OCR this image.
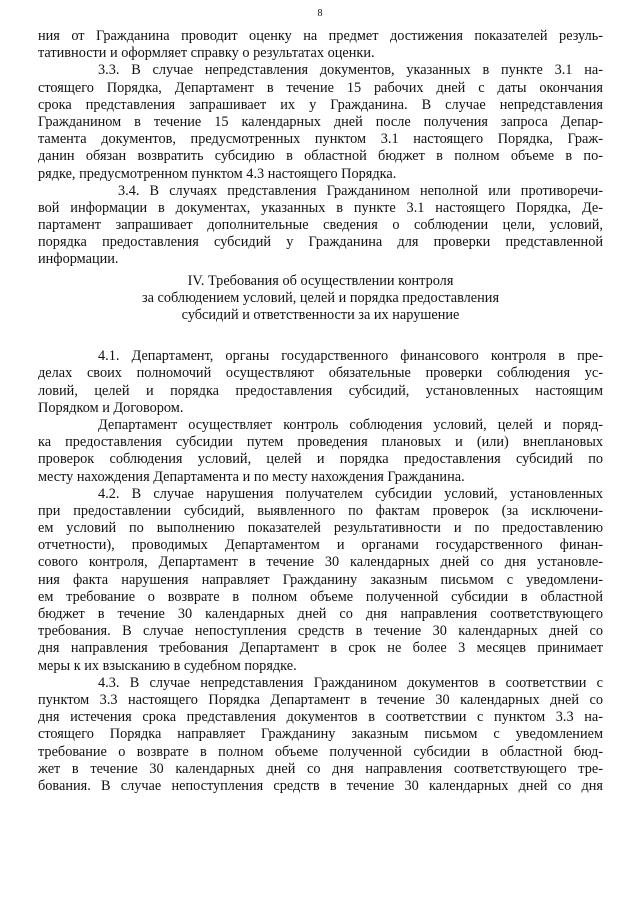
8
ния от Гражданина проводит оценку на предмет достижения показателей резуль-
тативности и оформляет справку о результатах оценки.
3.3. В случае непредставления документов, указанных в пункте 3.1 на-
стоящего Порядка, Департамент в течение 15 рабочих дней с даты окончания
срока представления запрашивает их у Гражданина. В случае непредставления
Гражданином в течение 15 календарных дней после получения запроса Депар-
тамента документов, предусмотренных пунктом 3.1 настоящего Порядка, Граж-
данин обязан возвратить субсидию в областной бюджет в полном объеме в по-
рядке, предусмотренном пунктом 4.3 настоящего Порядка.
3.4. В случаях представления Гражданином неполной или противоречи-
вой информации в документах, указанных в пункте 3.1 настоящего Порядка, Де-
партамент запрашивает дополнительные сведения о соблюдении цели, условий,
порядка предоставления субсидий у Гражданина для проверки представленной
информации.
IV. Требования об осуществлении контроля
за соблюдением условий, целей и порядка предоставления
субсидий и ответственности за их нарушение
4.1. Департамент, органы государственного финансового контроля в пре-
делах своих полномочий осуществляют обязательные проверки соблюдения ус-
ловий, целей и порядка предоставления субсидий, установленных настоящим
Порядком и Договором.
Департамент осуществляет контроль соблюдения условий, целей и поряд-
ка предоставления субсидии путем проведения плановых и (или) внеплановых
проверок соблюдения условий, целей и порядка предоставления субсидий по
месту нахождения Департамента и по месту нахождения Гражданина.
4.2. В случае нарушения получателем субсидии условий, установленных
при предоставлении субсидий, выявленного по фактам проверок (за исключени-
ем условий по выполнению показателей результативности и по предоставлению
отчетности), проводимых Департаментом и органами государственного финан-
сового контроля, Департамент в течение 30 календарных дней со дня установле-
ния факта нарушения направляет Гражданину заказным письмом с уведомлени-
ем требование о возврате в полном объеме полученной субсидии в областной
бюджет в течение 30 календарных дней со дня направления соответствующего
требования. В случае непоступления средств в течение 30 календарных дней со
дня направления требования Департамент в срок не более 3 месяцев принимает
меры к их взысканию в судебном порядке.
4.3. В случае непредставления Гражданином документов в соответствии с
пунктом 3.3 настоящего Порядка Департамент в течение 30 календарных дней со
дня истечения срока представления документов в соответствии с пунктом 3.3 на-
стоящего Порядка направляет Гражданину заказным письмом с уведомлением
требование о возврате в полном объеме полученной субсидии в областной бюд-
жет в течение 30 календарных дней со дня направления соответствующего тре-
бования. В случае непоступления средств в течение 30 календарных дней со дня
